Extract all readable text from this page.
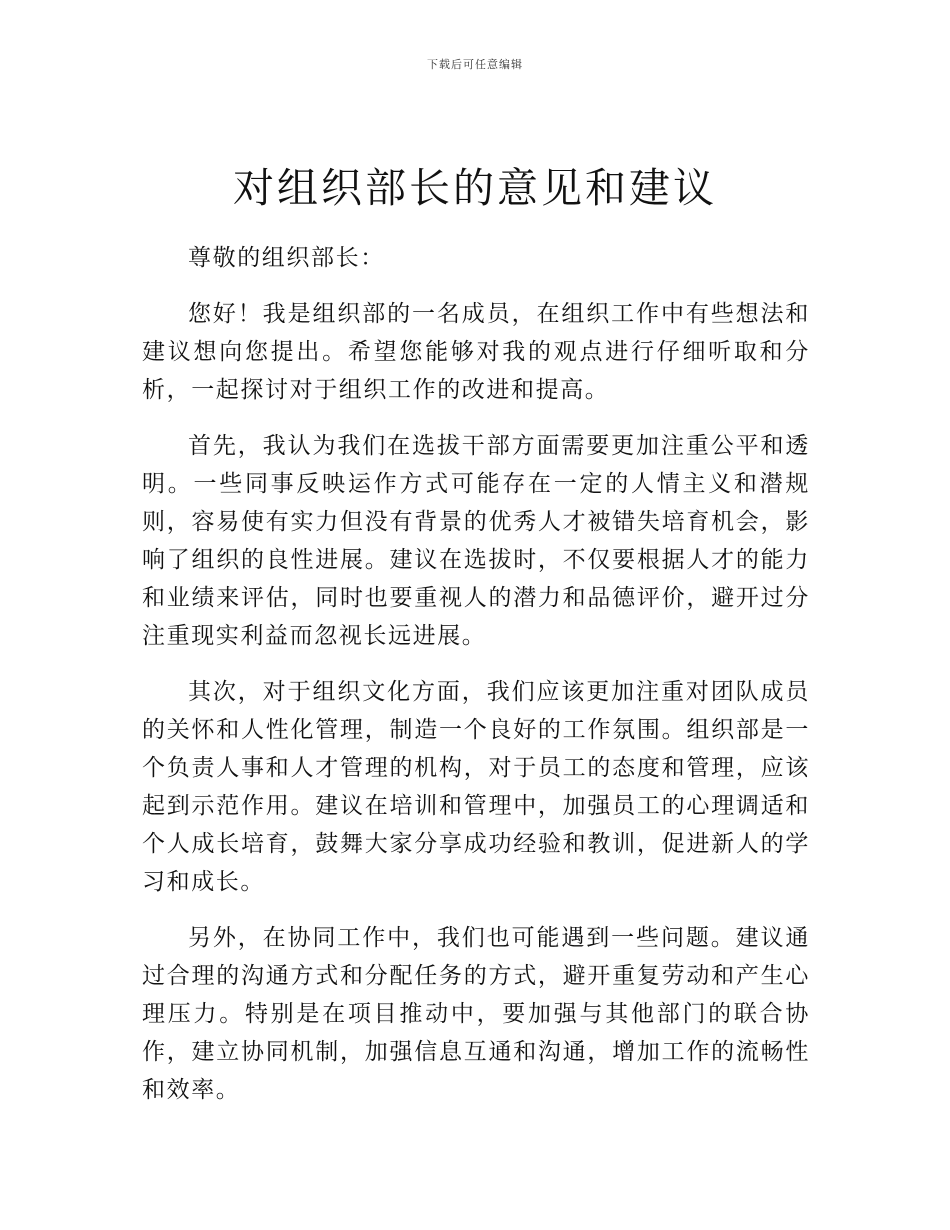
下载后可任意编辑
对组织部长的意见和建议

尊敬的组织部长：

您好！我是组织部的一名成员，在组织工作中有些想法和建议想向您提出。希望您能够对我的观点进行仔细听取和分析，一起探讨对于组织工作的改进和提高。

首先，我认为我们在选拔干部方面需要更加注重公平和透明。一些同事反映运作方式可能存在一定的人情主义和潜规则，容易使有实力但没有背景的优秀人才被错失培育机会，影响了组织的良性进展。建议在选拔时，不仅要根据人才的能力和业绩来评估，同时也要重视人的潜力和品德评价，避开过分注重现实利益而忽视长远进展。

其次，对于组织文化方面，我们应该更加注重对团队成员的关怀和人性化管理，制造一个良好的工作氛围。组织部是一个负责人事和人才管理的机构，对于员工的态度和管理，应该起到示范作用。建议在培训和管理中，加强员工的心理调适和个人成长培育，鼓舞大家分享成功经验和教训，促进新人的学习和成长。

另外，在协同工作中，我们也可能遇到一些问题。建议通过合理的沟通方式和分配任务的方式，避开重复劳动和产生心理压力。特别是在项目推动中，要加强与其他部门的联合协作，建立协同机制，加强信息互通和沟通，增加工作的流畅性和效率。
